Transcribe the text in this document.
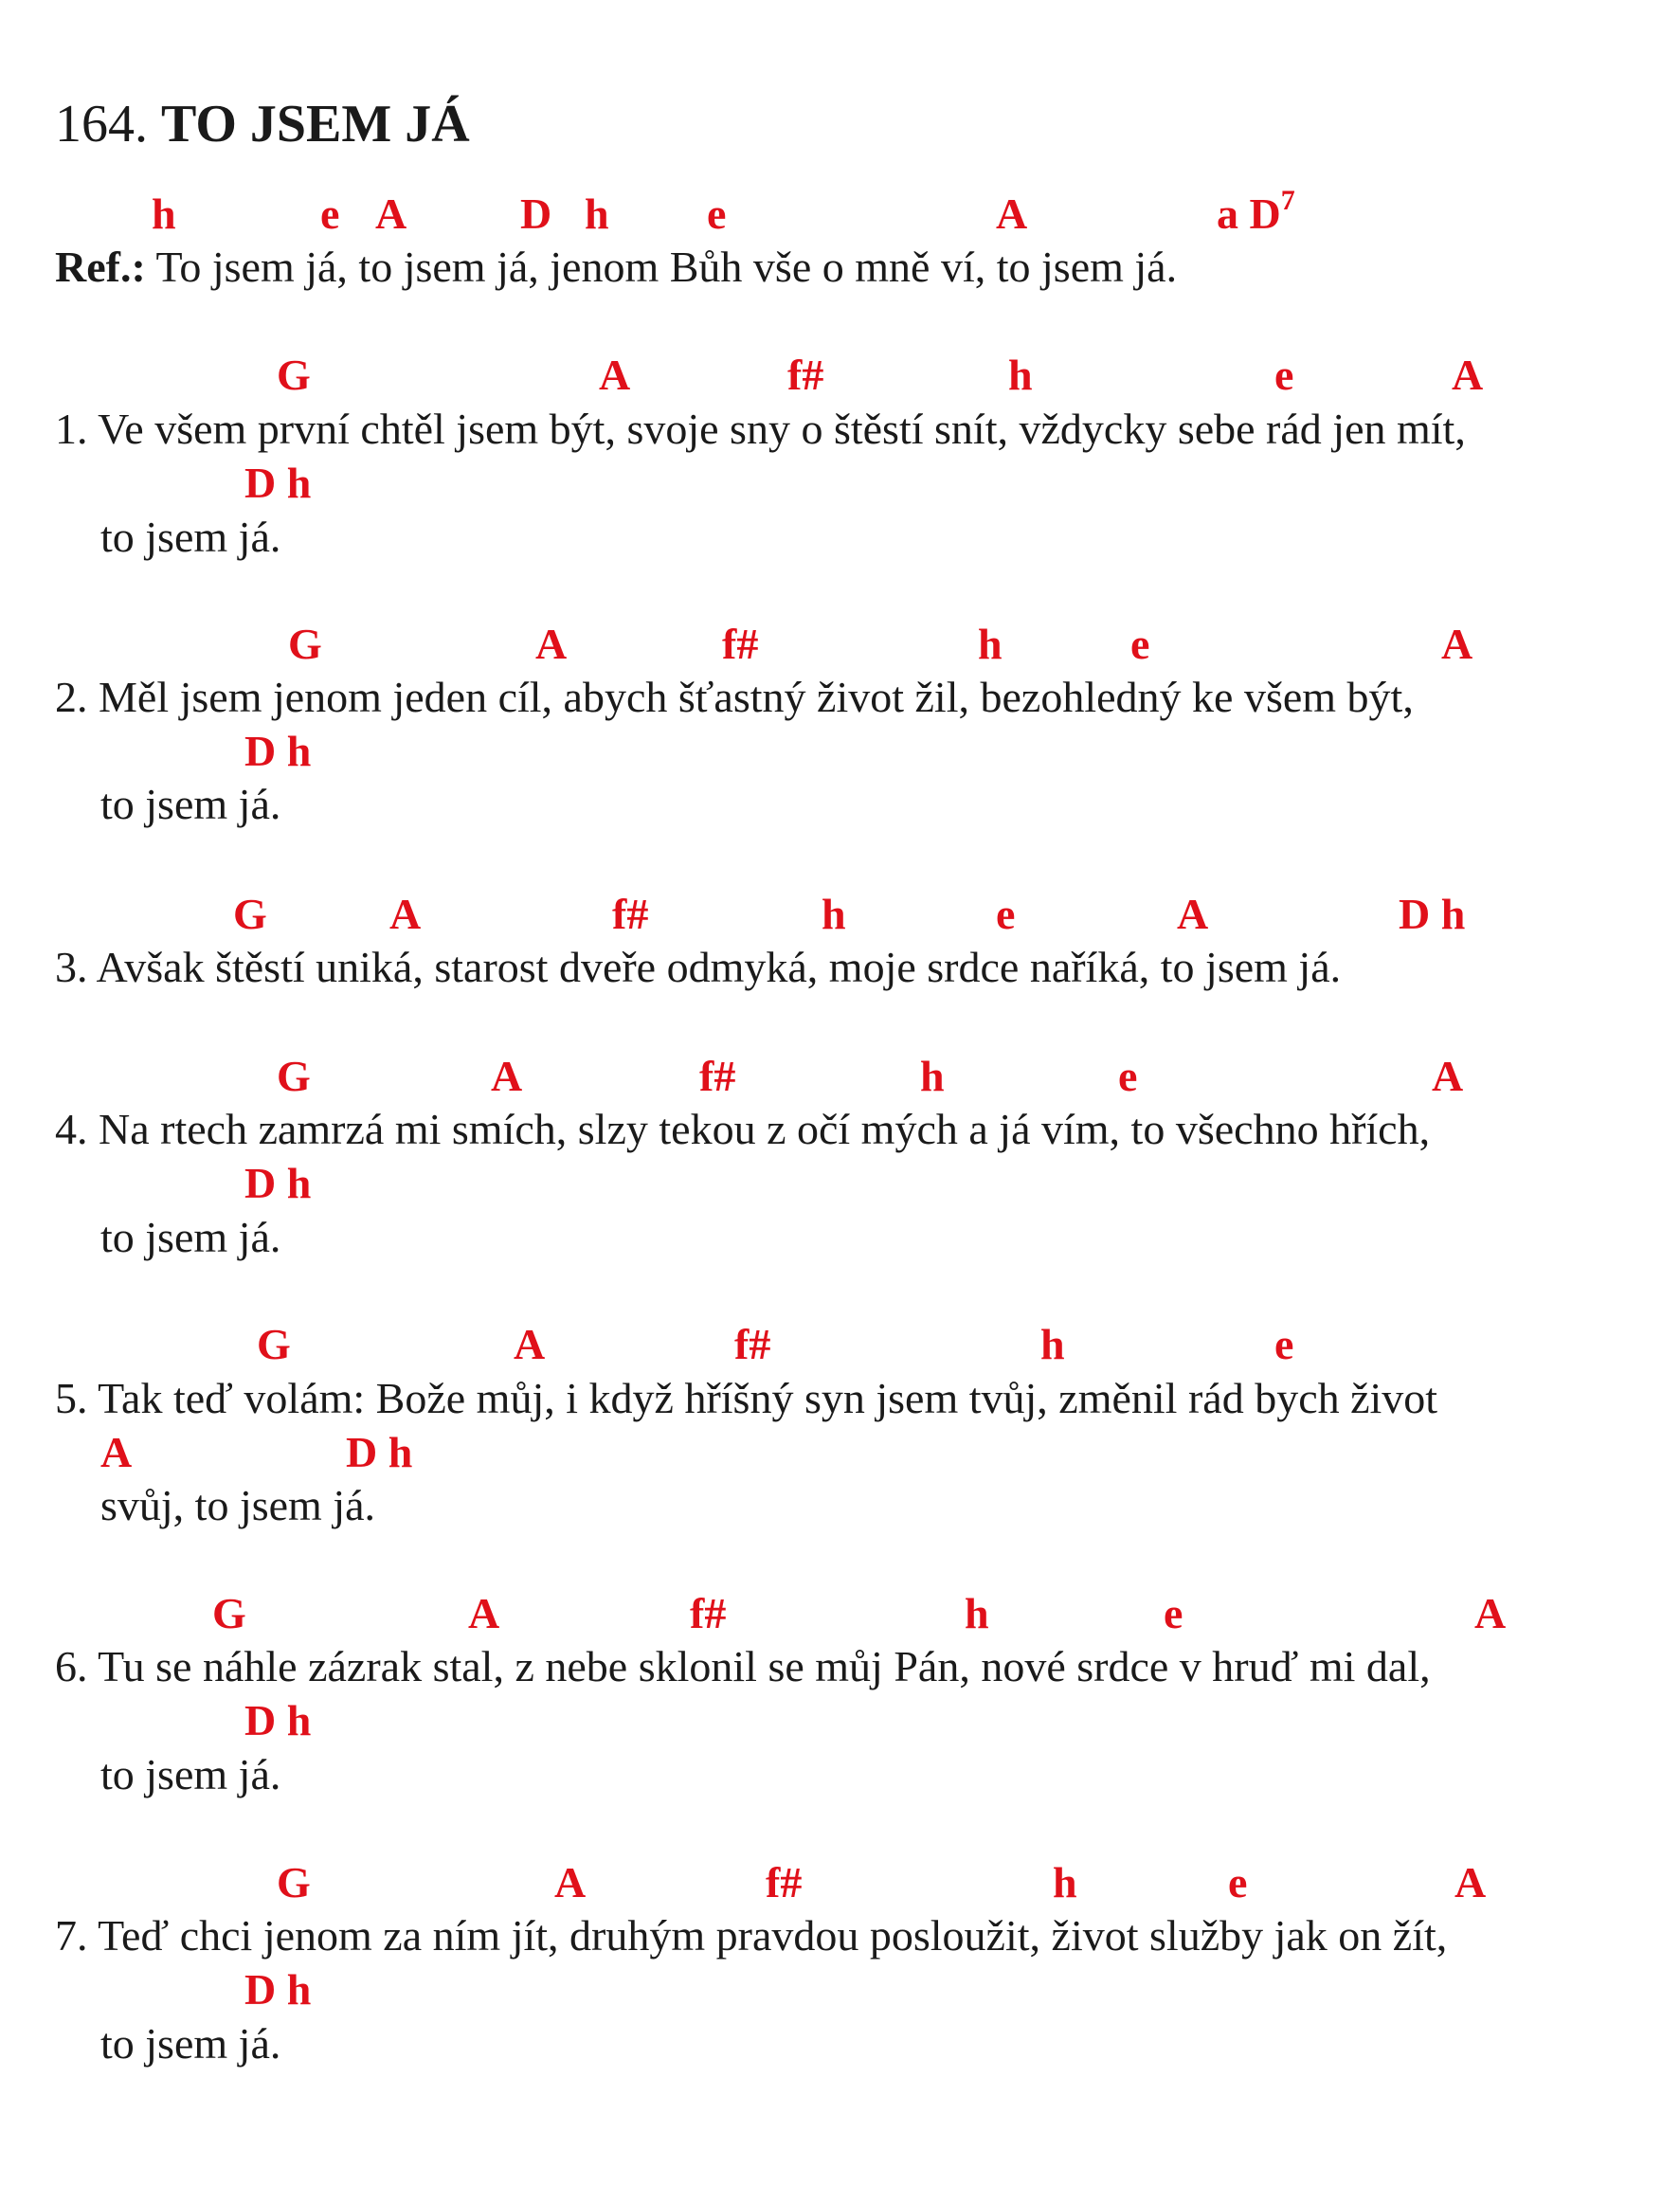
164. TO JSEM JÁ
h	e A	D h e	A	a $D^7$
Ref.: To jsem já, to jsem já, jenom Bůh vše o mně ví, to jsem já.
G	A	f#	h	e	A
1. Ve všem první chtěl jsem být, svoje sny o štěstí snít, vždycky sebe rád jen mít,
D h
to jsem já.
G	A	f#	h	e	A
2. Měl jsem jenom jeden cíl, abych šťastný život žil, bezohledný ke všem být,
D h
to jsem já.
G	A	f#	h	e	A	D h
3. Avšak štěstí uniká, starost dveře odmyká, moje srdce naříká, to jsem já.
G	A	f#	h	e	A
4. Na rtech zamrzá mi smích, slzy tekou z očí mých a já vím, to všechno hřích,
D h
to jsem já.
G	A	f#	h	e
5. Tak teď volám: Bože můj, i když hříšný syn jsem tvůj, změnil rád bych život
A	D h
svůj, to jsem já.
G	A	f#	h	e	A
6. Tu se náhle zázrak stal, z nebe sklonil se můj Pán, nové srdce v hruď mi dal,
D h
to jsem já.
G	A	f#	h	e	A
7. Teď chci jenom za ním jít, druhým pravdou posloužit, život služby jak on žít,
D h
to jsem já.
